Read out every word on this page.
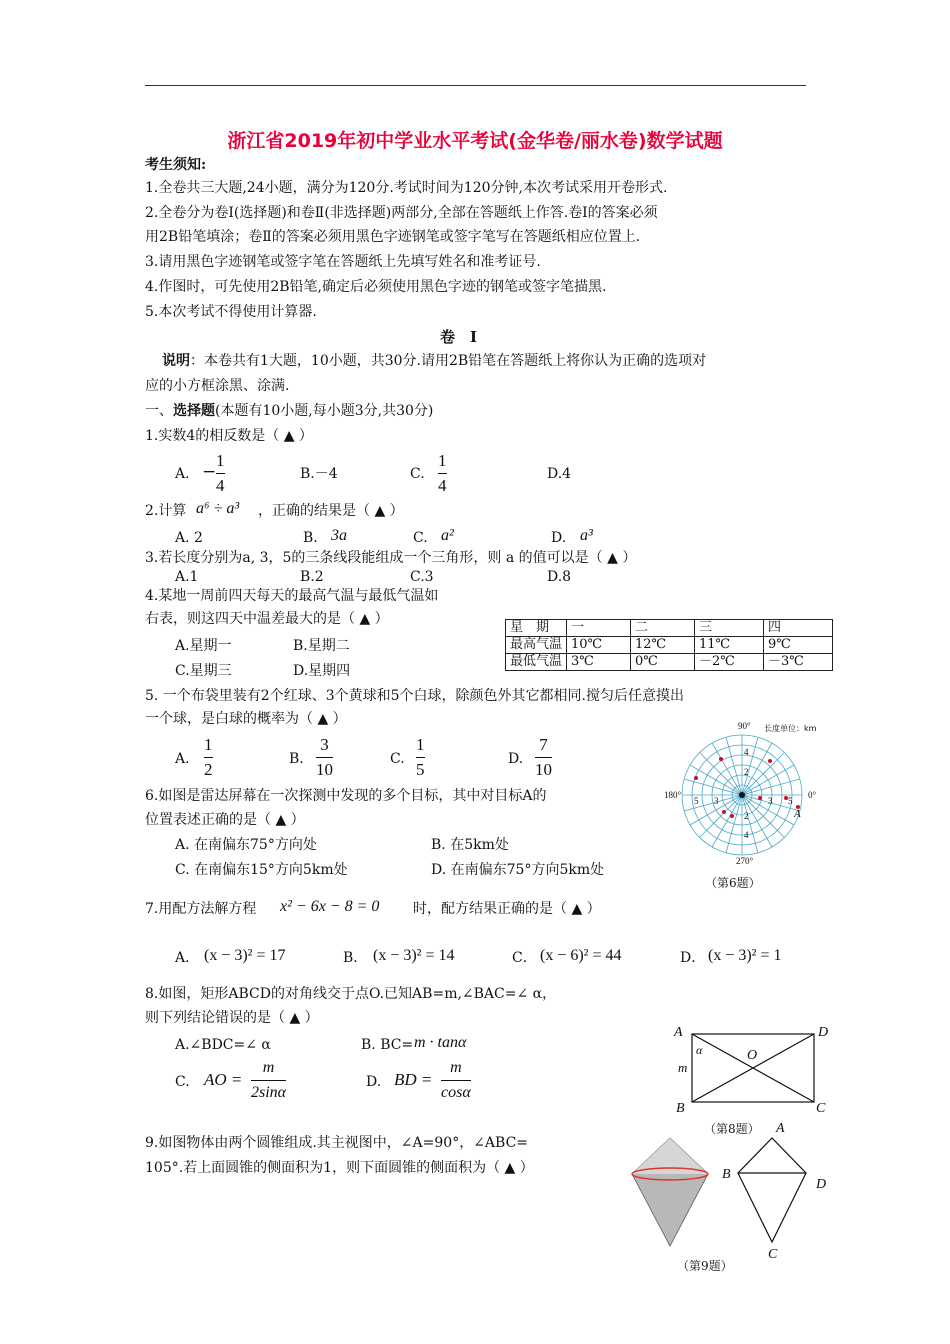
浙江省2019年初中学业水平考试(金华卷/丽水卷)数学试题
考生须知:
1.全卷共三大题,24小题，满分为120分.考试时间为120分钟,本次考试采用开卷形式.
2.全卷分为卷Ⅰ(选择题)和卷Ⅱ(非选择题)两部分,全部在答题纸上作答.卷Ⅰ的答案必须
用2B铅笔填涂；卷Ⅱ的答案必须用黑色字迹钢笔或签字笔写在答题纸相应位置上.
3.请用黑色字迹钢笔或签字笔在答题纸上先填写姓名和准考证号.
4.作图时，可先使用2B铅笔,确定后必须使用黑色字迹的钢笔或签字笔描黑.
5.本次考试不得使用计算器.
卷　Ⅰ
说明：本卷共有1大题，10小题，共30分.请用2B铅笔在答题纸上将你认为正确的选项对
应的小方框涂黑、涂满.
一、选择题(本题有10小题,每小题3分,共30分)
1.实数4的相反数是（ ▲ ）
A. −
1
4
B.－4	C.
1
4
D.4
2.计算 a⁶ ÷ a³ ，正确的结果是（ ▲ ）
A. 2	B. 3a	C. a²	D. a³
3.若长度分别为a, 3，5的三条线段能组成一个三角形，则 a 的值可以是（ ▲ ）
A.1	B.2	C.3	D.8
4.某地一周前四天每天的最高气温与最低气温如
右表，则这四天中温差最大的是（ ▲ ）
A.星期一	B.星期二
C.星期三	D.星期四
星　期	一	二	三	四
最高气温	10℃	12℃	11℃	9℃
最低气温	3℃	0℃	－2℃	－3℃
5. 一个布袋里装有2个红球、3个黄球和5个白球，除颜色外其它都相同.搅匀后任意摸出
一个球，是白球的概率为（ ▲ ）
A.
1
2
B.
3
10
C.
1
5
D.
7
10
6.如图是雷达屏幕在一次探测中发现的多个目标，其中对目标A的
位置表述正确的是（ ▲ ）
A. 在南偏东75°方向处	B. 在5km处
C. 在南偏东15°方向5km处	D. 在南偏东75°方向5km处
90°
180°	0°
270°
长度单位：km
A
4
2
2
4
5 3	3 5
（第6题）
7.用配方法解方程 x² − 6x − 8 = 0 时，配方结果正确的是（ ▲ ）
A． (x − 3)² = 17	B． (x − 3)² = 14	C． (x − 6)² = 44	D． (x − 3)² = 1
8.如图，矩形ABCD的对角线交于点O.已知AB=m,∠BAC=∠ α，
则下列结论错误的是（ ▲ ）
A.∠BDC=∠ α	B. BC= m · tanα
C. AO =
m
2sinα
D. BD =
m
cosα
A	D
B	C
O
m
α
（第8题）
9.如图物体由两个圆锥组成.其主视图中，∠A=90°，∠ABC=
105°.若上面圆锥的侧面积为1，则下面圆锥的侧面积为（ ▲ ）
A
B
D
C
（第9题）
